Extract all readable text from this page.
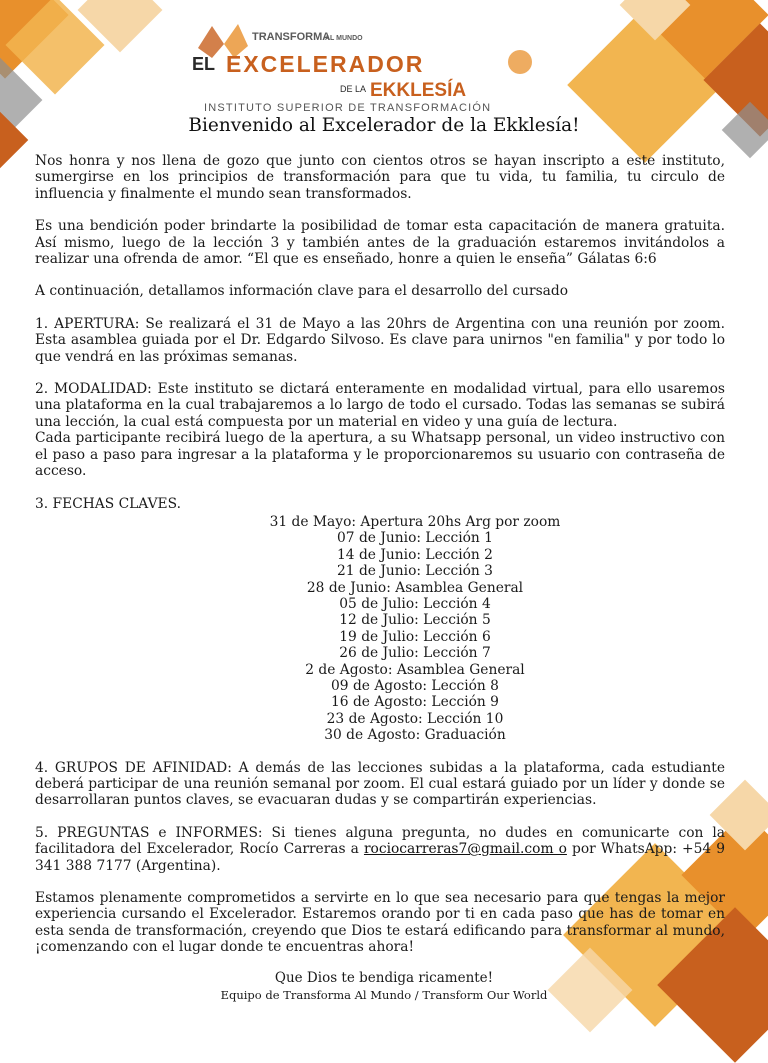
TRANSFORMA
AL MUNDO
EL EXCELERADOR
DE LA EKKLESÍA
INSTITUTO SUPERIOR DE TRANSFORMACIÓN
Bienvenido al Excelerador de la Ekklesía!

Nos honra y nos llena de gozo que junto con cientos otros se hayan inscripto a este instituto, sumergirse en los principios de transformación para que tu vida, tu familia, tu circulo de influencia y finalmente el mundo sean transformados.

Es una bendición poder brindarte la posibilidad de tomar esta capacitación de manera gratuita. Así mismo, luego de la lección 3 y también antes de la graduación estaremos invitándolos a realizar una ofrenda de amor. “El que es enseñado, honre a quien le enseña” Gálatas 6:6

A continuación, detallamos información clave para el desarrollo del cursado

1. APERTURA: Se realizará el 31 de Mayo a las 20hrs de Argentina con una reunión por zoom. Esta asamblea guiada por el Dr. Edgardo Silvoso. Es clave para unirnos "en familia" y por todo lo que vendrá en las próximas semanas.

2. MODALIDAD: Este instituto se dictará enteramente en modalidad virtual, para ello usaremos una plataforma en la cual trabajaremos a lo largo de todo el cursado. Todas las semanas se subirá una lección, la cual está compuesta por un material en video y una guía de lectura.

Cada participante recibirá luego de la apertura, a su Whatsapp personal, un video instructivo con el paso a paso para ingresar a la plataforma y le proporcionaremos su usuario con contraseña de acceso.

3. FECHAS CLAVES.

31 de Mayo: Apertura 20hs Arg por zoom
07 de Junio: Lección 1
14 de Junio: Lección 2
21 de Junio: Lección 3
28 de Junio: Asamblea General
05 de Julio: Lección 4
12 de Julio: Lección 5
19 de Julio: Lección 6
26 de Julio: Lección 7
2 de Agosto: Asamblea General
09 de Agosto: Lección 8
16 de Agosto: Lección 9
23 de Agosto: Lección 10
30 de Agosto: Graduación

4. GRUPOS DE AFINIDAD: A demás de las lecciones subidas a la plataforma, cada estudiante deberá participar de una reunión semanal por zoom. El cual estará guiado por un líder y donde se desarrollaran puntos claves, se evacuaran dudas y se compartirán experiencias.

5. PREGUNTAS e INFORMES: Si tienes alguna pregunta, no dudes en comunicarte con la facilitadora del Excelerador, Rocío Carreras a rociocarreras7@gmail.com o por WhatsApp: +54 9 341 388 7177 (Argentina).

Estamos plenamente comprometidos a servirte en lo que sea necesario para que tengas la mejor experiencia cursando el Excelerador. Estaremos orando por ti en cada paso que has de tomar en esta senda de transformación, creyendo que Dios te estará edificando para transformar al mundo, ¡comenzando con el lugar donde te encuentras ahora!

Que Dios te bendiga ricamente!
Equipo de Transforma Al Mundo / Transform Our World
